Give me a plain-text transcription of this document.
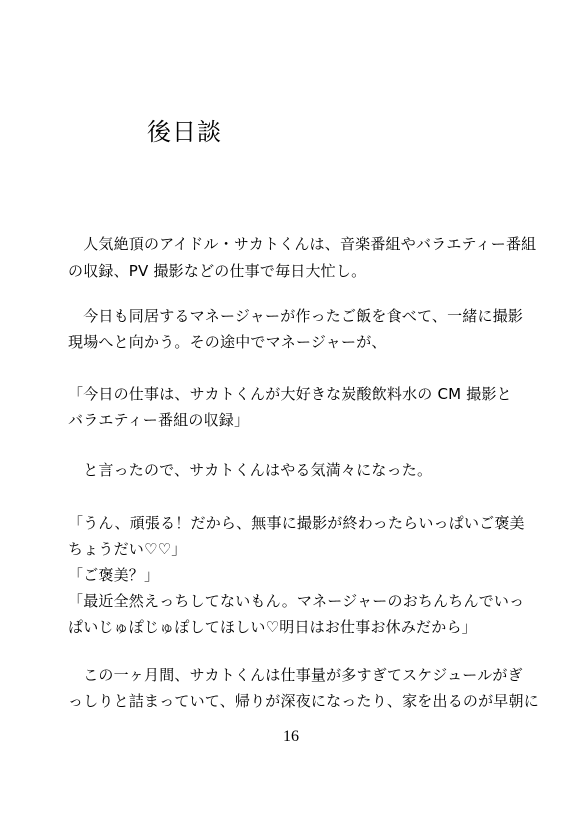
後日談
　人気絶頂のアイドル・サカトくんは、音楽番組やバラエティー番組
の収録、PV 撮影などの仕事で毎日大忙し。
　今日も同居するマネージャーが作ったご飯を食べて、一緒に撮影
現場へと向かう。その途中でマネージャーが、
「今日の仕事は、サカトくんが大好きな炭酸飲料水の CM 撮影と
バラエティー番組の収録」
　と言ったので、サカトくんはやる気満々になった。
「うん、頑張る！だから、無事に撮影が終わったらいっぱいご褒美
ちょうだい♡♡」
「ご褒美？」
「最近全然えっちしてないもん。マネージャーのおちんちんでいっ
ぱいじゅぽじゅぽしてほしい♡明日はお仕事お休みだから」
　この一ヶ月間、サカトくんは仕事量が多すぎてスケジュールがぎ
っしりと詰まっていて、帰りが深夜になったり、家を出るのが早朝に
16
